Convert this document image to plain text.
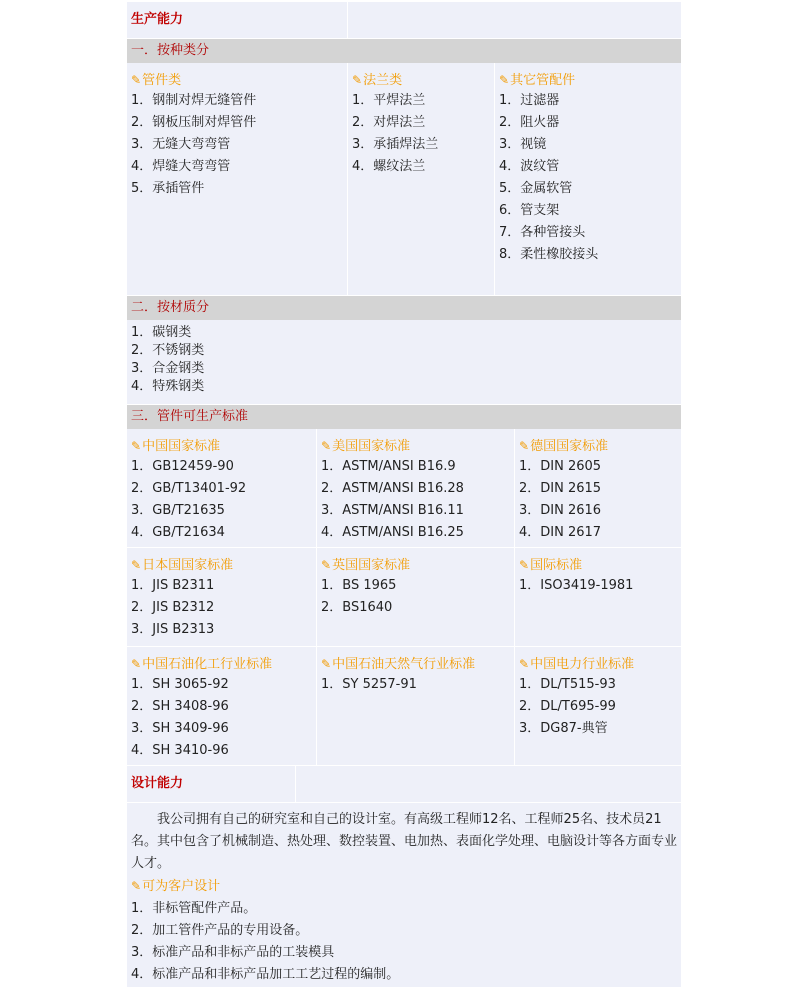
生产能力
一．按种类分
✎管件类
1．钢制对焊无缝管件
2．钢板压制对焊管件
3．无缝大弯弯管
4．焊缝大弯弯管
5．承插管件
✎法兰类
1．平焊法兰
2．对焊法兰
3．承插焊法兰
4．螺纹法兰
✎其它管配件
1．过滤器
2．阻火器
3．视镜
4．波纹管
5．金属软管
6．管支架
7．各种管接头
8．柔性橡胶接头
二．按材质分
1．碳钢类
2．不锈钢类
3．合金钢类
4．特殊钢类
三．管件可生产标准
✎中国国家标准
1．GB12459-90
2．GB/T13401-92
3．GB/T21635
4．GB/T21634
✎美国国家标准
1．ASTM/ANSI B16.9
2．ASTM/ANSI B16.28
3．ASTM/ANSI B16.11
4．ASTM/ANSI B16.25
✎德国国家标准
1．DIN 2605
2．DIN 2615
3．DIN 2616
4．DIN 2617
✎日本国国家标准
1．JIS B2311
2．JIS B2312
3．JIS B2313
✎英国国家标准
1．BS 1965
2．BS1640
✎国际标准
1．ISO3419-1981
✎中国石油化工行业标准
1．SH 3065-92
2．SH 3408-96
3．SH 3409-96
4．SH 3410-96
✎中国石油天然气行业标准
1．SY 5257-91
✎中国电力行业标准
1．DL/T515-93
2．DL/T695-99
3．DG87-典管
设计能力

我公司拥有自己的研究室和自己的设计室。有高级工程师12名、工程师25名、技术员21名。其中包含了机械制造、热处理、数控装置、电加热、表面化学处理、电脑设计等各方面专业人才。

✎可为客户设计
1．非标管配件产品。
2．加工管件产品的专用设备。
3．标准产品和非标产品的工装模具
4．标准产品和非标产品加工工艺过程的编制。
